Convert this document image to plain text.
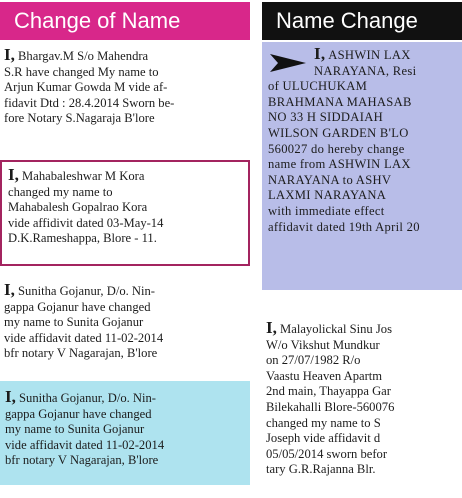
Change of Name	Name Change
I, Bhargav.M S/o Mahendra
S.R have changed My name to
Arjun Kumar Gowda M vide af-
fidavit Dtd : 28.4.2014 Sworn be-
fore Notary S.Nagaraja B'lore
I, Mahabaleshwar M Kora
changed my name to
Mahabalesh Gopalrao Kora
vide affidivit dated 03-May-14
D.K.Rameshappa, Blore - 11.
I, Sunitha Gojanur, D/o. Nin-
gappa Gojanur have changed
my name to Sunita Gojanur
vide affidavit dated 11-02-2014
bfr notary V Nagarajan, B'lore
I, Sunitha Gojanur, D/o. Nin-
gappa Gojanur have changed
my name to Sunita Gojanur
vide affidavit dated 11-02-2014
bfr notary V Nagarajan, B'lore
I, ASHWIN LAX
NARAYANA, Resi
of ULUCHUKAM
BRAHMANA MAHASAB
NO 33 H SIDDAIAH
WILSON GARDEN B'LO
560027 do hereby change
name from ASHWIN LAX
NARAYANA to ASHV
LAXMI NARAYANA
with immediate effect
affidavit dated 19th April 20
I, Malayolickal Sinu Jos
W/o Vikshut Mundkur
on 27/07/1982 R/o
Vaastu Heaven Apartm
2nd main, Thayappa Gar
Bilekahalli Blore-560076
changed my name to S
Joseph vide affidavit d
05/05/2014 sworn befor
tary G.R.Rajanna Blr.
